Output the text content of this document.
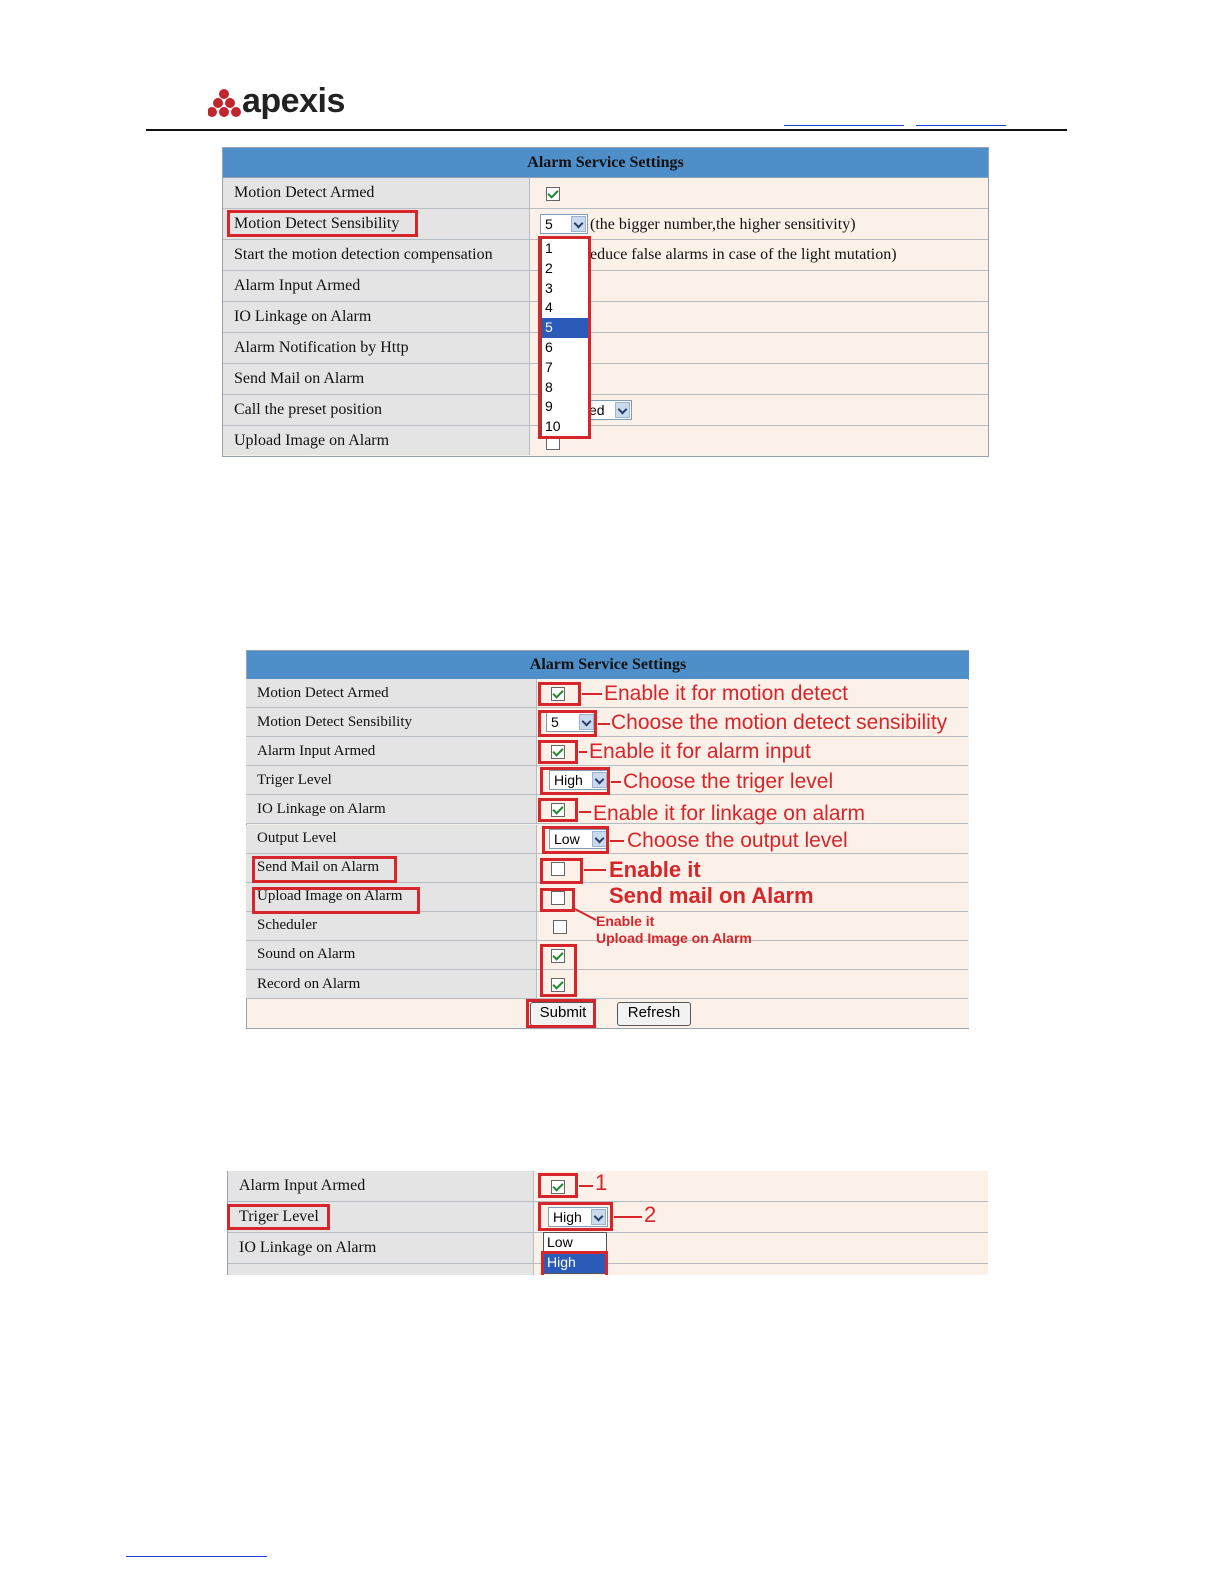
apexis
Alarm Service Settings
Motion Detect Armed
Motion Detect Sensibility	5 (the bigger number,the higher sensitivity)
Start the motion detection compensation	educe false alarms in case of the light mutation)
Alarm Input Armed
IO Linkage on Alarm
Alarm Notification by Http
Send Mail on Alarm
Call the preset position	ed
Upload Image on Alarm
1
2
3
4
5
6
7
8
9
10
Alarm Service Settings
Motion Detect Armed
Motion Detect Sensibility	5
Alarm Input Armed
Triger Level	High
IO Linkage on Alarm
Output Level	Low
Send Mail on Alarm
Upload Image on Alarm
Scheduler
Sound on Alarm
Record on Alarm
Submit	Refresh
Enable it for motion detect
Choose the motion detect sensibility
Enable it for alarm input
Choose the triger level
Enable it for linkage on alarm
Choose the output level
Enable it
Send mail on Alarm
Enable it
Upload Image on Alarm
Alarm Input Armed
Triger Level	High
IO Linkage on Alarm
1
2
Low
High
